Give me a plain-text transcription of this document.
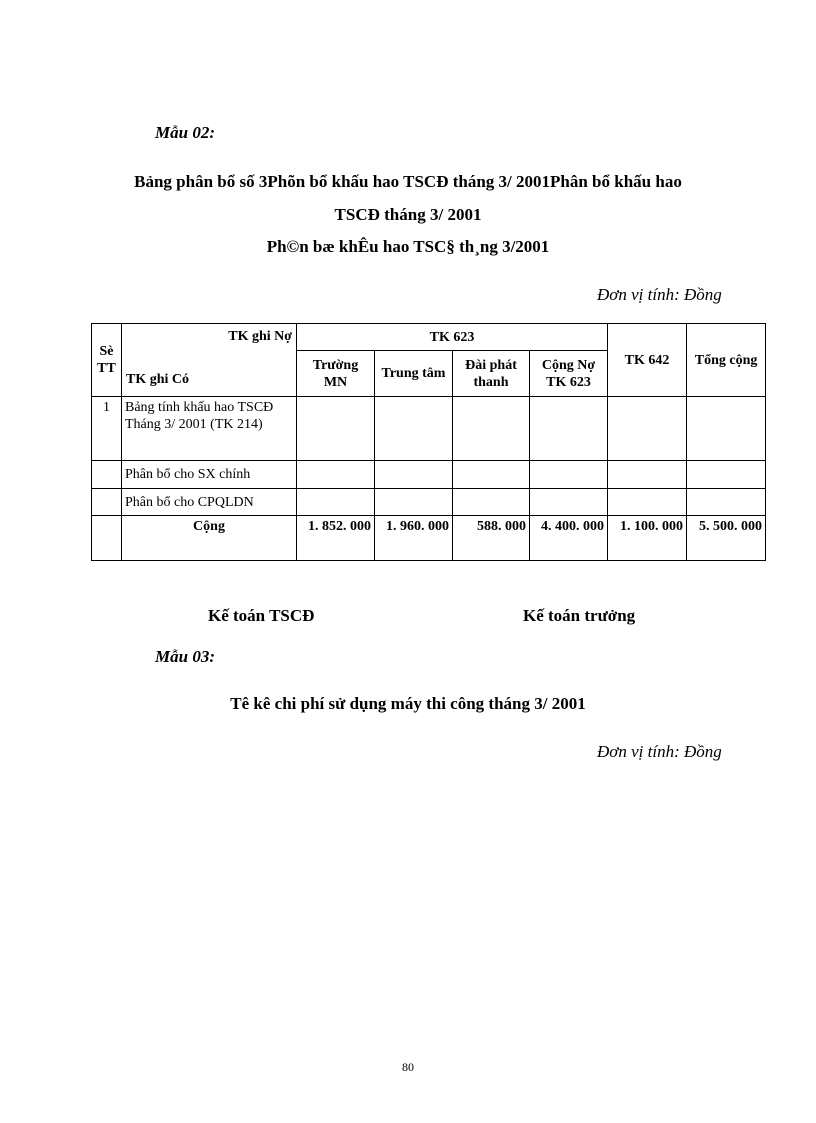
Mẫu 02:
Bảng phân bổ số 3Phõn bổ khấu hao TSCĐ tháng 3/ 2001Phân bổ khấu hao
TSCĐ tháng 3/ 2001
Ph©n bæ khÊu hao TSC§ th¸ng 3/2001
Đơn vị tính: Đồng
Sè TT	TK ghi Nợ
TK ghi Có	TK 623				TK 642	Tổng cộng
		Trường MN	Trung tâm	Đài phát thanh	Cộng Nợ TK 623		
1	Bảng tính khấu hao TSCĐ Tháng 3/ 2001 (TK 214)						
	Phân bổ cho SX chính						
	Phân bổ cho CPQLDN						
	Cộng	1. 852. 000	1. 960. 000	588. 000	4. 400. 000	1. 100. 000	5. 500. 000
Kế toán TSCĐ	Kế toán trưởng
Mẫu 03:
Tê kê chi phí sử dụng máy thi công tháng 3/ 2001
Đơn vị tính: Đồng
80
